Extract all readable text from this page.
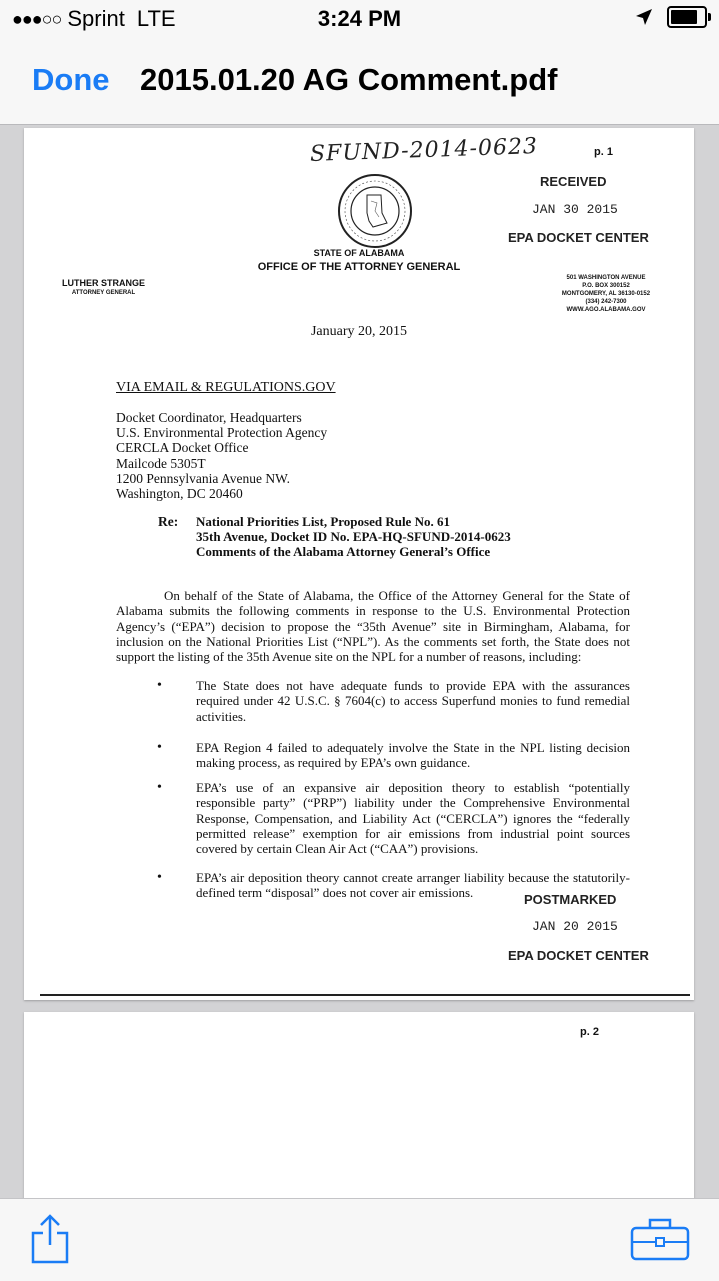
●●●○○ Sprint LTE	3:24 PM
Done 2015.01.20 AG Comment.pdf
SFUND-2014-0623	p. 1
RECEIVED
JAN 30 2015
EPA DOCKET CENTER
STATE OF ALABAMA
OFFICE OF THE ATTORNEY GENERAL
LUTHER STRANGE
ATTORNEY GENERAL
501 WASHINGTON AVENUE
P.O. BOX 300152
MONTGOMERY, AL 36130-0152
(334) 242-7300
WWW.AGO.ALABAMA.GOV
January 20, 2015
VIA EMAIL & REGULATIONS.GOV
Docket Coordinator, Headquarters
U.S. Environmental Protection Agency
CERCLA Docket Office
Mailcode 5305T
1200 Pennsylvania Avenue NW.
Washington, DC 20460
Re: National Priorities List, Proposed Rule No. 61
35th Avenue, Docket ID No. EPA-HQ-SFUND-2014-0623
Comments of the Alabama Attorney General’s Office
On behalf of the State of Alabama, the Office of the Attorney General for the State of Alabama submits the following comments in response to the U.S. Environmental Protection Agency’s (“EPA”) decision to propose the “35th Avenue” site in Birmingham, Alabama, for inclusion on the National Priorities List (“NPL”). As the comments set forth, the State does not support the listing of the 35th Avenue site on the NPL for a number of reasons, including:
•	The State does not have adequate funds to provide EPA with the assurances required under 42 U.S.C. § 7604(c) to access Superfund monies to fund remedial activities.
•	EPA Region 4 failed to adequately involve the State in the NPL listing decision making process, as required by EPA’s own guidance.
•	EPA’s use of an expansive air deposition theory to establish “potentially responsible party” (“PRP”) liability under the Comprehensive Environmental Response, Compensation, and Liability Act (“CERCLA”) ignores the “federally permitted release” exemption for air emissions from industrial point sources covered by certain Clean Air Act (“CAA”) provisions.
•	EPA’s air deposition theory cannot create arranger liability because the statutorily-defined term “disposal” does not cover air emissions.	POSTMARKED
JAN 20 2015
EPA DOCKET CENTER
p. 2
